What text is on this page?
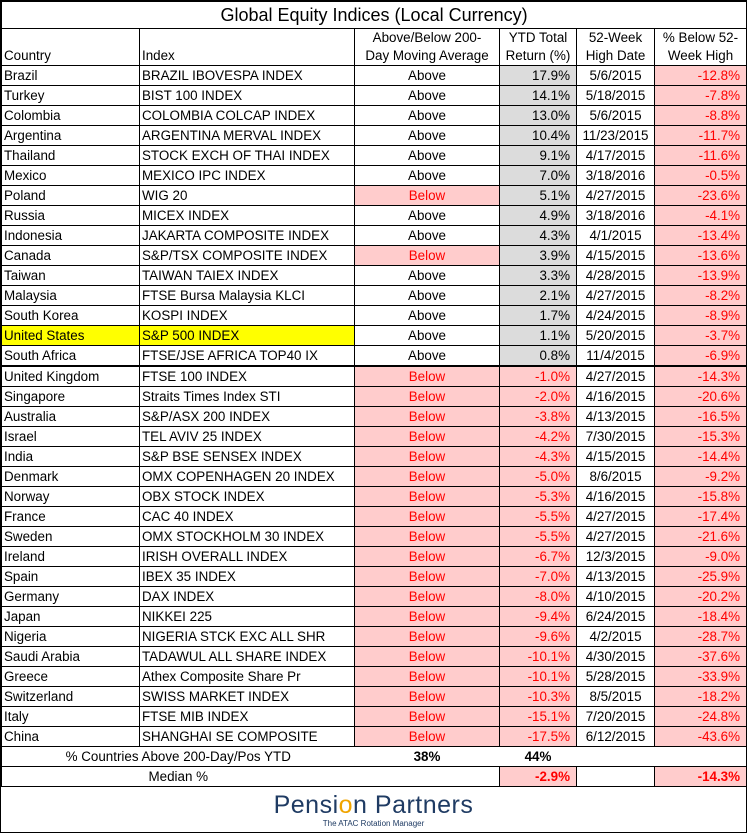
Global Equity Indices (Local Currency)					
Country	Index	Above/Below 200-	YTD Total	52-Week	% Below 52-
		Day Moving Average	Return (%)	High Date	Week High
Brazil	BRAZIL IBOVESPA INDEX	Above	17.9%	5/6/2015	-12.8%
Turkey	BIST 100 INDEX	Above	14.1%	5/18/2015	-7.8%
Colombia	COLOMBIA COLCAP INDEX	Above	13.0%	5/6/2015	-8.8%
Argentina	ARGENTINA MERVAL INDEX	Above	10.4%	11/23/2015	-11.7%
Thailand	STOCK EXCH OF THAI INDEX	Above	9.1%	4/17/2015	-11.6%
Mexico	MEXICO IPC INDEX	Above	7.0%	3/18/2016	-0.5%
Poland	WIG 20	Below	5.1%	4/27/2015	-23.6%
Russia	MICEX INDEX	Above	4.9%	3/18/2016	-4.1%
Indonesia	JAKARTA COMPOSITE INDEX	Above	4.3%	4/1/2015	-13.4%
Canada	S&P/TSX COMPOSITE INDEX	Below	3.9%	4/15/2015	-13.6%
Taiwan	TAIWAN TAIEX INDEX	Above	3.3%	4/28/2015	-13.9%
Malaysia	FTSE Bursa Malaysia KLCI	Above	2.1%	4/27/2015	-8.2%
South Korea	KOSPI INDEX	Above	1.7%	4/24/2015	-8.9%
United States	S&P 500 INDEX	Above	1.1%	5/20/2015	-3.7%
South Africa	FTSE/JSE AFRICA TOP40 IX	Above	0.8%	11/4/2015	-6.9%
United Kingdom	FTSE 100 INDEX	Below	-1.0%	4/27/2015	-14.3%
Singapore	Straits Times Index STI	Below	-2.0%	4/16/2015	-20.6%
Australia	S&P/ASX 200 INDEX	Below	-3.8%	4/13/2015	-16.5%
Israel	TEL AVIV 25 INDEX	Below	-4.2%	7/30/2015	-15.3%
India	S&P BSE SENSEX INDEX	Below	-4.3%	4/15/2015	-14.4%
Denmark	OMX COPENHAGEN 20 INDEX	Below	-5.0%	8/6/2015	-9.2%
Norway	OBX STOCK INDEX	Below	-5.3%	4/16/2015	-15.8%
France	CAC 40 INDEX	Below	-5.5%	4/27/2015	-17.4%
Sweden	OMX STOCKHOLM 30 INDEX	Below	-5.5%	4/27/2015	-21.6%
Ireland	IRISH OVERALL INDEX	Below	-6.7%	12/3/2015	-9.0%
Spain	IBEX 35 INDEX	Below	-7.0%	4/13/2015	-25.9%
Germany	DAX INDEX	Below	-8.0%	4/10/2015	-20.2%
Japan	NIKKEI 225	Below	-9.4%	6/24/2015	-18.4%
Nigeria	NIGERIA STCK EXC ALL SHR	Below	-9.6%	4/2/2015	-28.7%
Saudi Arabia	TADAWUL ALL SHARE INDEX	Below	-10.1%	4/30/2015	-37.6%
Greece	Athex Composite Share Pr	Below	-10.1%	5/28/2015	-33.9%
Switzerland	SWISS MARKET INDEX	Below	-10.3%	8/5/2015	-18.2%
Italy	FTSE MIB INDEX	Below	-15.1%	7/20/2015	-24.8%
China	SHANGHAI SE COMPOSITE	Below	-17.5%	6/12/2015	-43.6%
% Countries Above 200-Day/Pos YTD		38%	44%		
Median %			-2.9%		-14.3%
Pension Partners
The ATAC Rotation Manager
